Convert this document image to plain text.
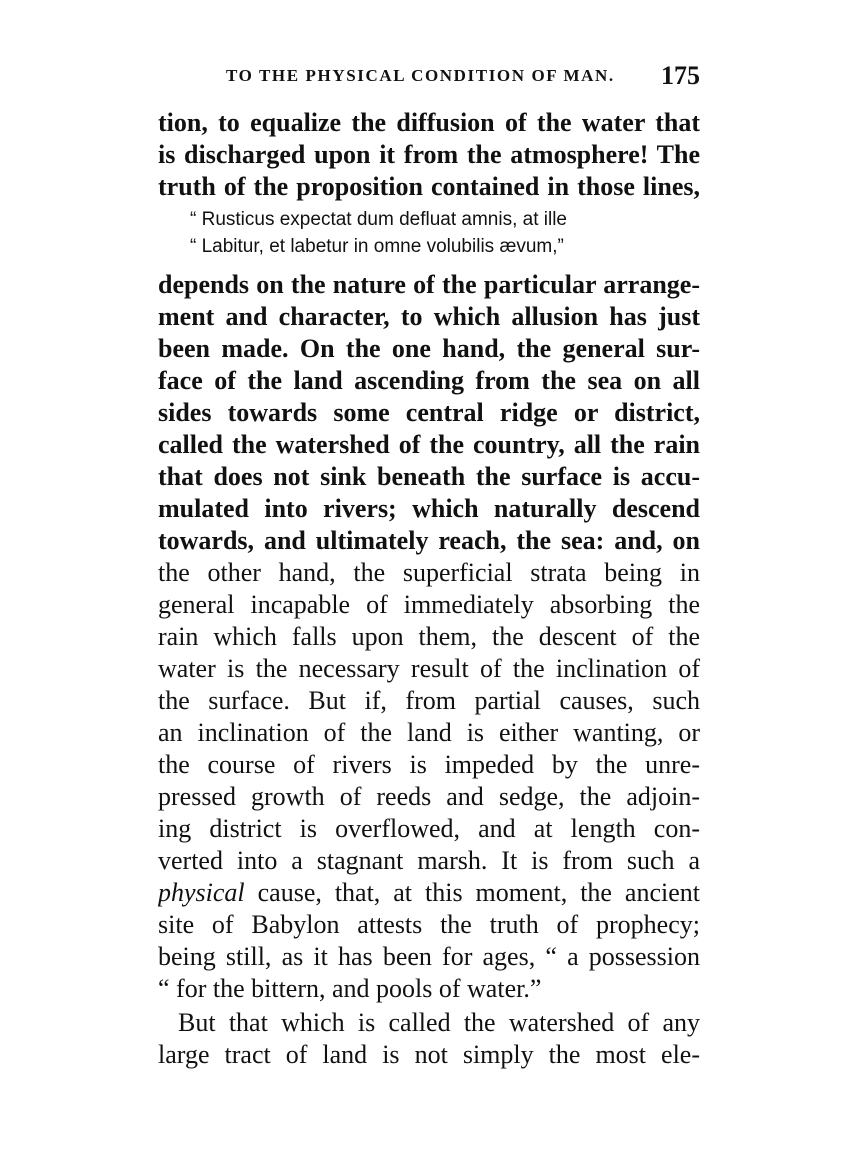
TO THE PHYSICAL CONDITION OF MAN. 175
tion, to equalize the diffusion of the water that
is discharged upon it from the atmosphere! The
truth of the proposition contained in those lines,
“ Rusticus expectat dum defluat amnis, at ille
“ Labitur, et labetur in omne volubilis ævum,”
depends on the nature of the particular arrange-
ment and character, to which allusion has just
been made. On the one hand, the general sur-
face of the land ascending from the sea on all
sides towards some central ridge or district,
called the watershed of the country, all the rain
that does not sink beneath the surface is accu-
mulated into rivers; which naturally descend
towards, and ultimately reach, the sea: and, on
the other hand, the superficial strata being in
general incapable of immediately absorbing the
rain which falls upon them, the descent of the
water is the necessary result of the inclination of
the surface. But if, from partial causes, such
an inclination of the land is either wanting, or
the course of rivers is impeded by the unre-
pressed growth of reeds and sedge, the adjoin-
ing district is overflowed, and at length con-
verted into a stagnant marsh. It is from such a
physical cause, that, at this moment, the ancient
site of Babylon attests the truth of prophecy;
being still, as it has been for ages, “ a possession
“ for the bittern, and pools of water.”
But that which is called the watershed of any
large tract of land is not simply the most ele-
